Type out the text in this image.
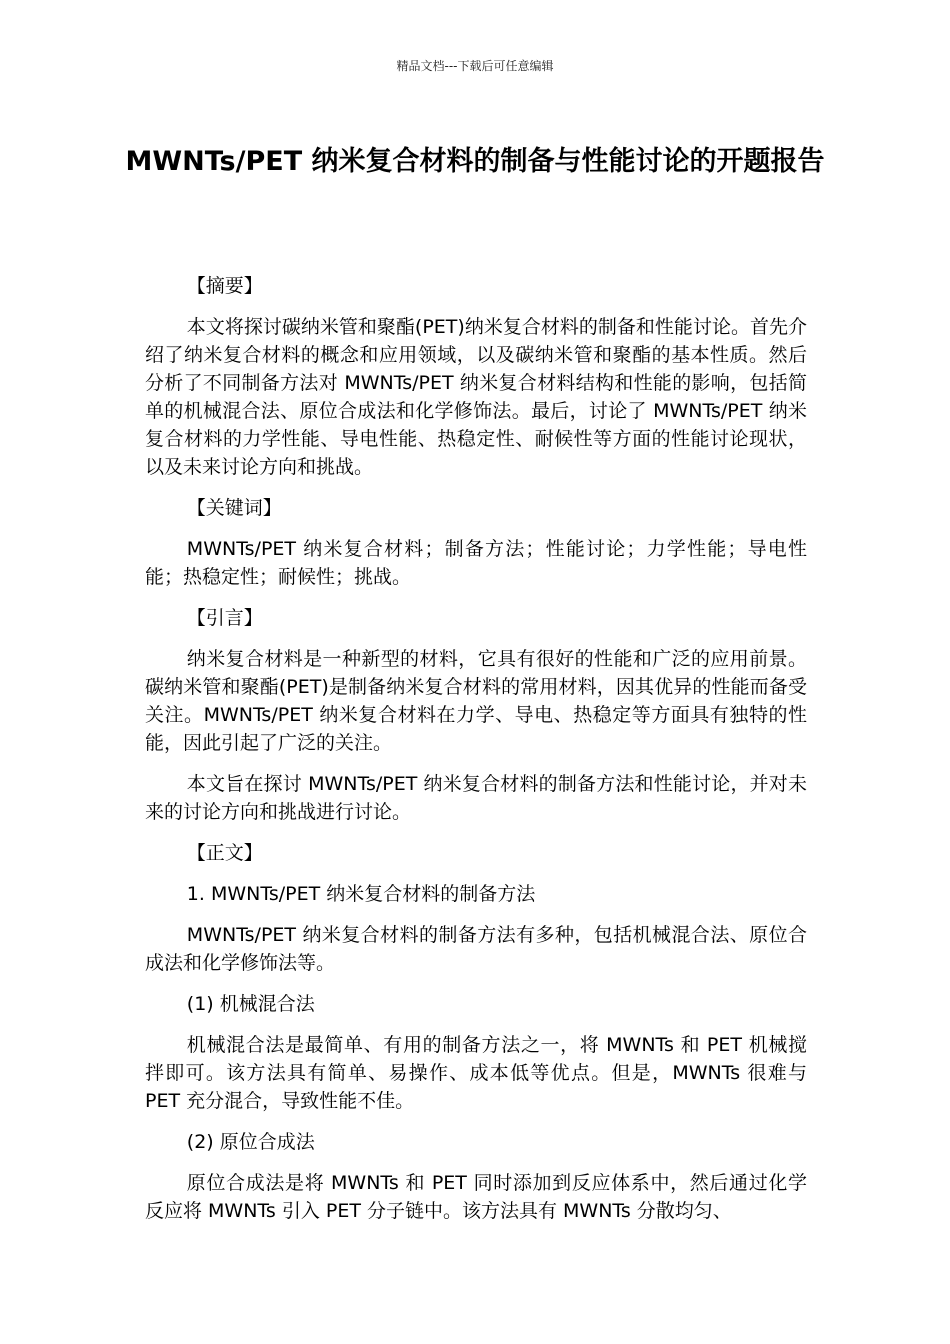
精品文档---下载后可任意编辑
MWNTs/PET 纳米复合材料的制备与性能讨论的开题报告

【摘要】

本文将探讨碳纳米管和聚酯(PET)纳米复合材料的制备和性能讨论。首先介绍了纳米复合材料的概念和应用领域，以及碳纳米管和聚酯的基本性质。然后分析了不同制备方法对 MWNTs/PET 纳米复合材料结构和性能的影响，包括简单的机械混合法、原位合成法和化学修饰法。最后，讨论了 MWNTs/PET 纳米复合材料的力学性能、导电性能、热稳定性、耐候性等方面的性能讨论现状，以及未来讨论方向和挑战。

【关键词】

MWNTs/PET 纳米复合材料；制备方法；性能讨论；力学性能；导电性能；热稳定性；耐候性；挑战。

【引言】

纳米复合材料是一种新型的材料，它具有很好的性能和广泛的应用前景。碳纳米管和聚酯(PET)是制备纳米复合材料的常用材料，因其优异的性能而备受关注。MWNTs/PET 纳米复合材料在力学、导电、热稳定等方面具有独特的性能，因此引起了广泛的关注。

本文旨在探讨 MWNTs/PET 纳米复合材料的制备方法和性能讨论，并对未来的讨论方向和挑战进行讨论。

【正文】

1. MWNTs/PET 纳米复合材料的制备方法

MWNTs/PET 纳米复合材料的制备方法有多种，包括机械混合法、原位合成法和化学修饰法等。

(1) 机械混合法

机械混合法是最简单、有用的制备方法之一，将 MWNTs 和 PET 机械搅拌即可。该方法具有简单、易操作、成本低等优点。但是，MWNTs 很难与 PET 充分混合，导致性能不佳。

(2) 原位合成法

原位合成法是将 MWNTs 和 PET 同时添加到反应体系中，然后通过化学反应将 MWNTs 引入 PET 分子链中。该方法具有 MWNTs 分散均匀、
